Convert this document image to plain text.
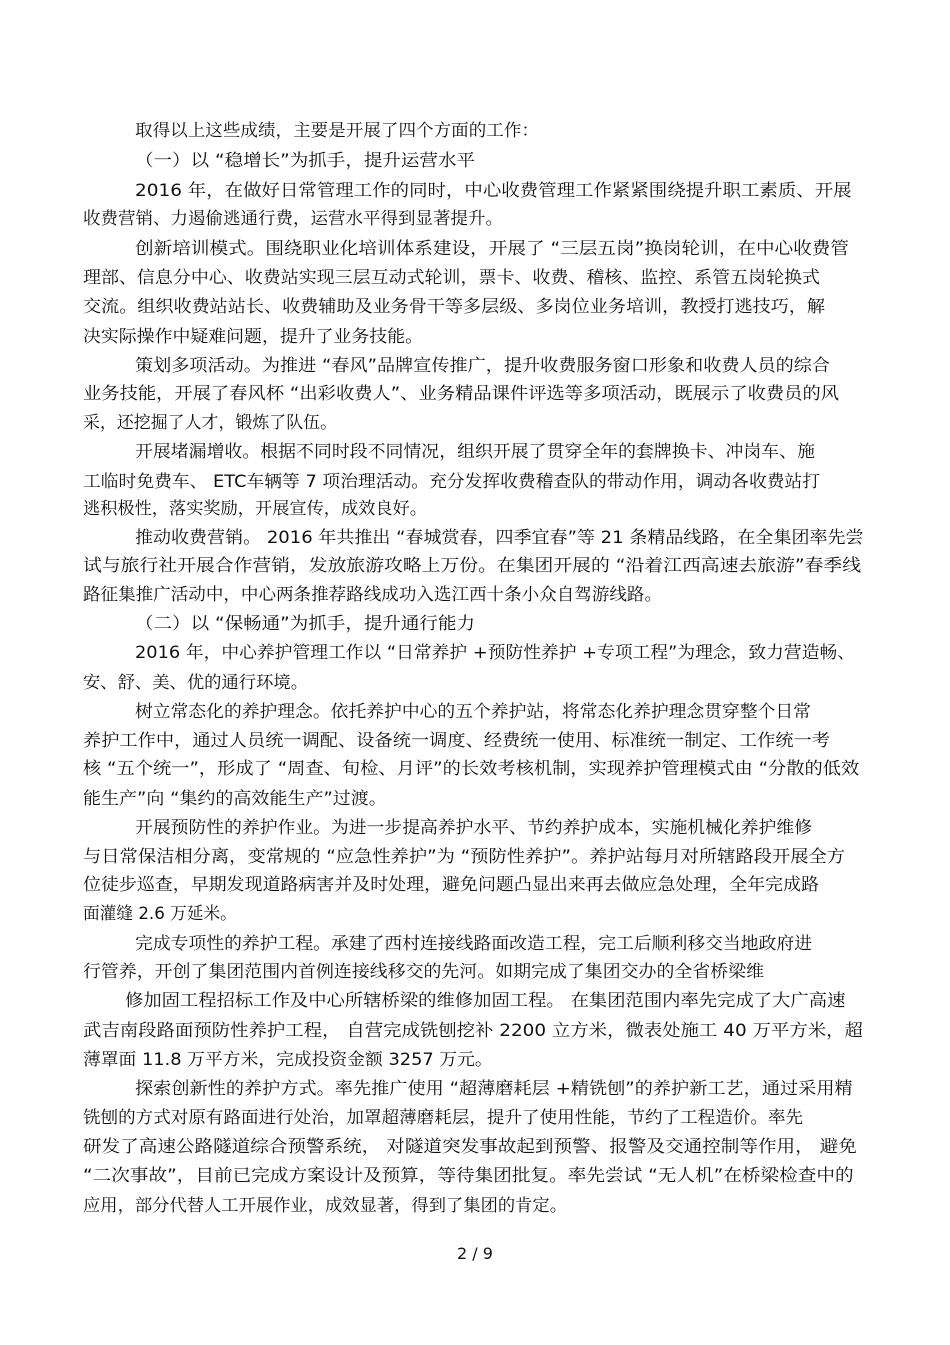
取得以上这些成绩，主要是开展了四个方面的工作：
（一）以 “稳增长”为抓手，提升运营水平
2016 年，在做好日常管理工作的同时，中心收费管理工作紧紧围绕提升职工素质、开展
收费营销、力遏偷逃通行费，运营水平得到显著提升。
创新培训模式。围绕职业化培训体系建设，开展了 “三层五岗”换岗轮训，在中心收费管
理部、信息分中心、收费站实现三层互动式轮训，票卡、收费、稽核、监控、系管五岗轮换式
交流。组织收费站站长、收费辅助及业务骨干等多层级、多岗位业务培训，教授打逃技巧，解
决实际操作中疑难问题，提升了业务技能。
策划多项活动。为推进 “春风”品牌宣传推广，提升收费服务窗口形象和收费人员的综合
业务技能，开展了春风杯 “出彩收费人”、业务精品课件评选等多项活动，既展示了收费员的风
采，还挖掘了人才，锻炼了队伍。
开展堵漏增收。根据不同时段不同情况，组织开展了贯穿全年的套牌换卡、冲岗车、施
工临时免费车、 ETC车辆等 7 项治理活动。充分发挥收费稽查队的带动作用，调动各收费站打
逃积极性，落实奖励，开展宣传，成效良好。
推动收费营销。 2016 年共推出 “春城赏春，四季宜春”等 21 条精品线路，在全集团率先尝
试与旅行社开展合作营销，发放旅游攻略上万份。在集团开展的 “沿着江西高速去旅游”春季线
路征集推广活动中，中心两条推荐路线成功入选江西十条小众自驾游线路。
（二）以 “保畅通”为抓手，提升通行能力
2016 年，中心养护管理工作以 “日常养护 +预防性养护 +专项工程”为理念，致力营造畅、
安、舒、美、优的通行环境。
树立常态化的养护理念。依托养护中心的五个养护站，将常态化养护理念贯穿整个日常
养护工作中，通过人员统一调配、设备统一调度、经费统一使用、标准统一制定、工作统一考
核 “五个统一”，形成了 “周查、旬检、月评”的长效考核机制，实现养护管理模式由 “分散的低效
能生产”向 “集约的高效能生产”过渡。
开展预防性的养护作业。为进一步提高养护水平、节约养护成本，实施机械化养护维修
与日常保洁相分离，变常规的 “应急性养护”为 “预防性养护”。养护站每月对所辖路段开展全方
位徒步巡查，早期发现道路病害并及时处理，避免问题凸显出来再去做应急处理，全年完成路
面灌缝 2.6 万延米。
完成专项性的养护工程。承建了西村连接线路面改造工程，完工后顺利移交当地政府进
行管养，开创了集团范围内首例连接线移交的先河。如期完成了集团交办的全省桥梁维
修加固工程招标工作及中心所辖桥梁的维修加固工程。 在集团范围内率先完成了大广高速
武吉南段路面预防性养护工程， 自营完成铣刨挖补 2200 立方米，微表处施工 40 万平方米，超
薄罩面 11.8 万平方米，完成投资金额 3257 万元。
探索创新性的养护方式。率先推广使用 “超薄磨耗层 +精铣刨”的养护新工艺，通过采用精
铣刨的方式对原有路面进行处治，加罩超薄磨耗层，提升了使用性能，节约了工程造价。率先
研发了高速公路隧道综合预警系统， 对隧道突发事故起到预警、报警及交通控制等作用， 避免
“二次事故”，目前已完成方案设计及预算，等待集团批复。率先尝试 “无人机”在桥梁检查中的
应用，部分代替人工开展作业，成效显著，得到了集团的肯定。
2 / 9
